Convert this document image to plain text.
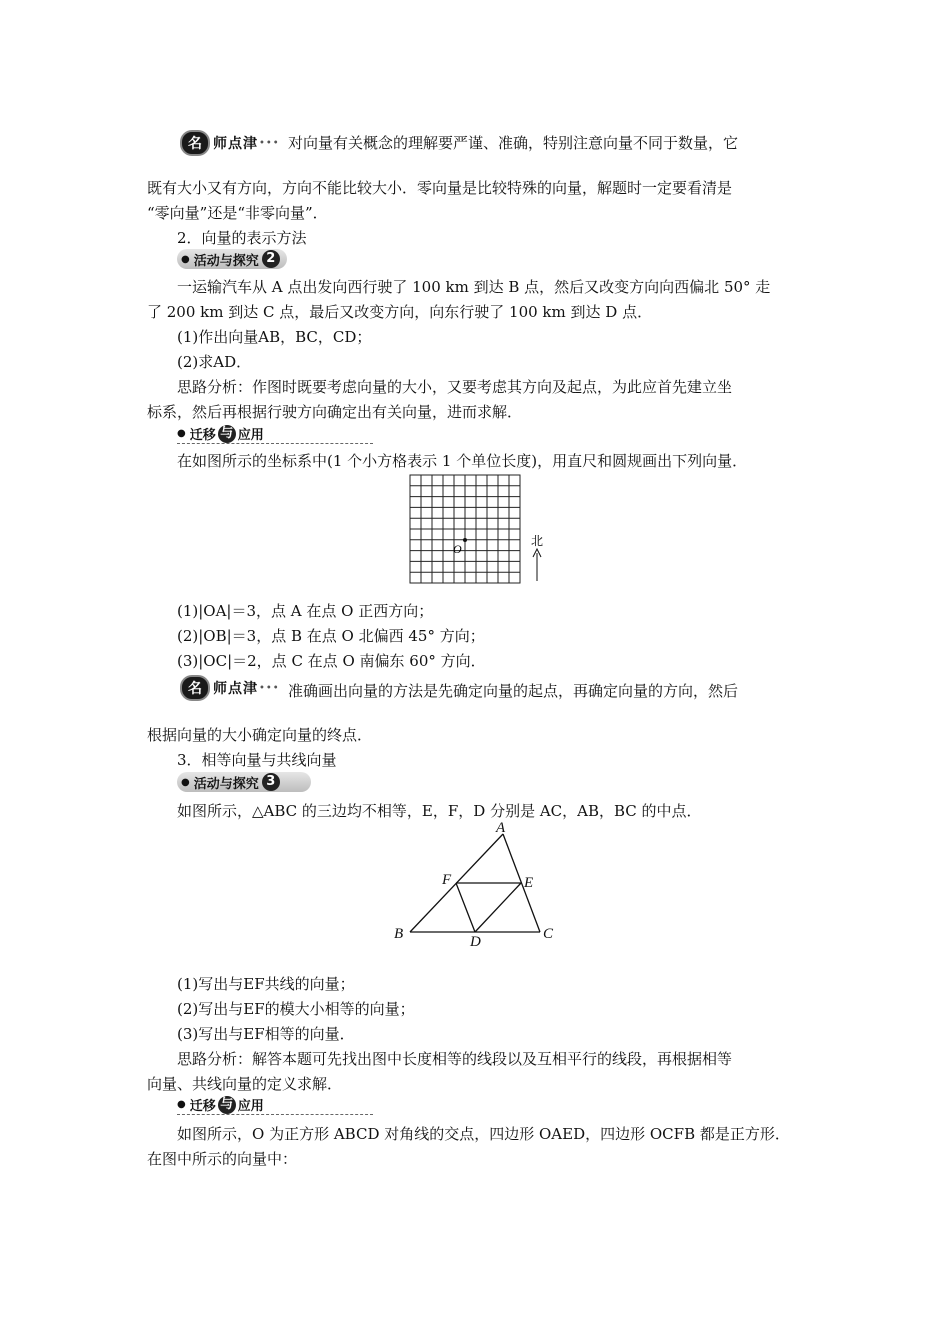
名 师点津 ••• 对向量有关概念的理解要严谨、准确，特别注意向量不同于数量，它
既有大小又有方向，方向不能比较大小．零向量是比较特殊的向量，解题时一定要看清是
“零向量”还是“非零向量”．
2．向量的表示方法
● 活动与探究 2
一运输汽车从 A 点出发向西行驶了 100 km 到达 B 点，然后又改变方向向西偏北 50° 走
了 200 km 到达 C 点，最后又改变方向，向东行驶了 100 km 到达 D 点．
(1)作出向量AB，BC，CD；
(2)求AD．
思路分析：作图时既要考虑向量的大小，又要考虑其方向及起点，为此应首先建立坐
标系，然后再根据行驶方向确定出有关向量，进而求解．
● 迁移 与 应用
在如图所示的坐标系中(1 个小方格表示 1 个单位长度)，用直尺和圆规画出下列向量．
O
北
(1)|OA|＝3，点 A 在点 O 正西方向；
(2)|OB|＝3，点 B 在点 O 北偏西 45° 方向；
(3)|OC|＝2，点 C 在点 O 南偏东 60° 方向．
名 师点津 ••• 准确画出向量的方法是先确定向量的起点，再确定向量的方向，然后
根据向量的大小确定向量的终点．
3．相等向量与共线向量
● 活动与探究 3
如图所示，△ABC 的三边均不相等，E，F，D 分别是 AC，AB，BC 的中点．
A
B	C
D
E
F
(1)写出与EF共线的向量；
(2)写出与EF的模大小相等的向量；
(3)写出与EF相等的向量．
思路分析：解答本题可先找出图中长度相等的线段以及互相平行的线段，再根据相等
向量、共线向量的定义求解．
● 迁移 与 应用
如图所示，O 为正方形 ABCD 对角线的交点，四边形 OAED，四边形 OCFB 都是正方形．
在图中所示的向量中：
